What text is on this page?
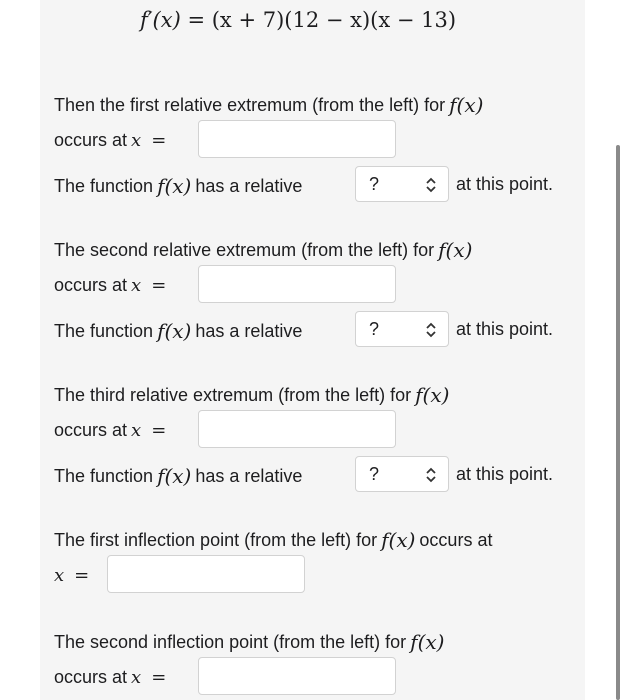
f′(x) = (x + 7)(12 − x)(x − 13)
Then the first relative extremum (from the left) for f(x)
occurs at x =
The function f(x) has a relative	?	at this point.
The second relative extremum (from the left) for f(x)
occurs at x =
The function f(x) has a relative	?	at this point.
The third relative extremum (from the left) for f(x)
occurs at x =
The function f(x) has a relative	?	at this point.
The first inflection point (from the left) for f(x) occurs at
x =
The second inflection point (from the left) for f(x)
occurs at x =
